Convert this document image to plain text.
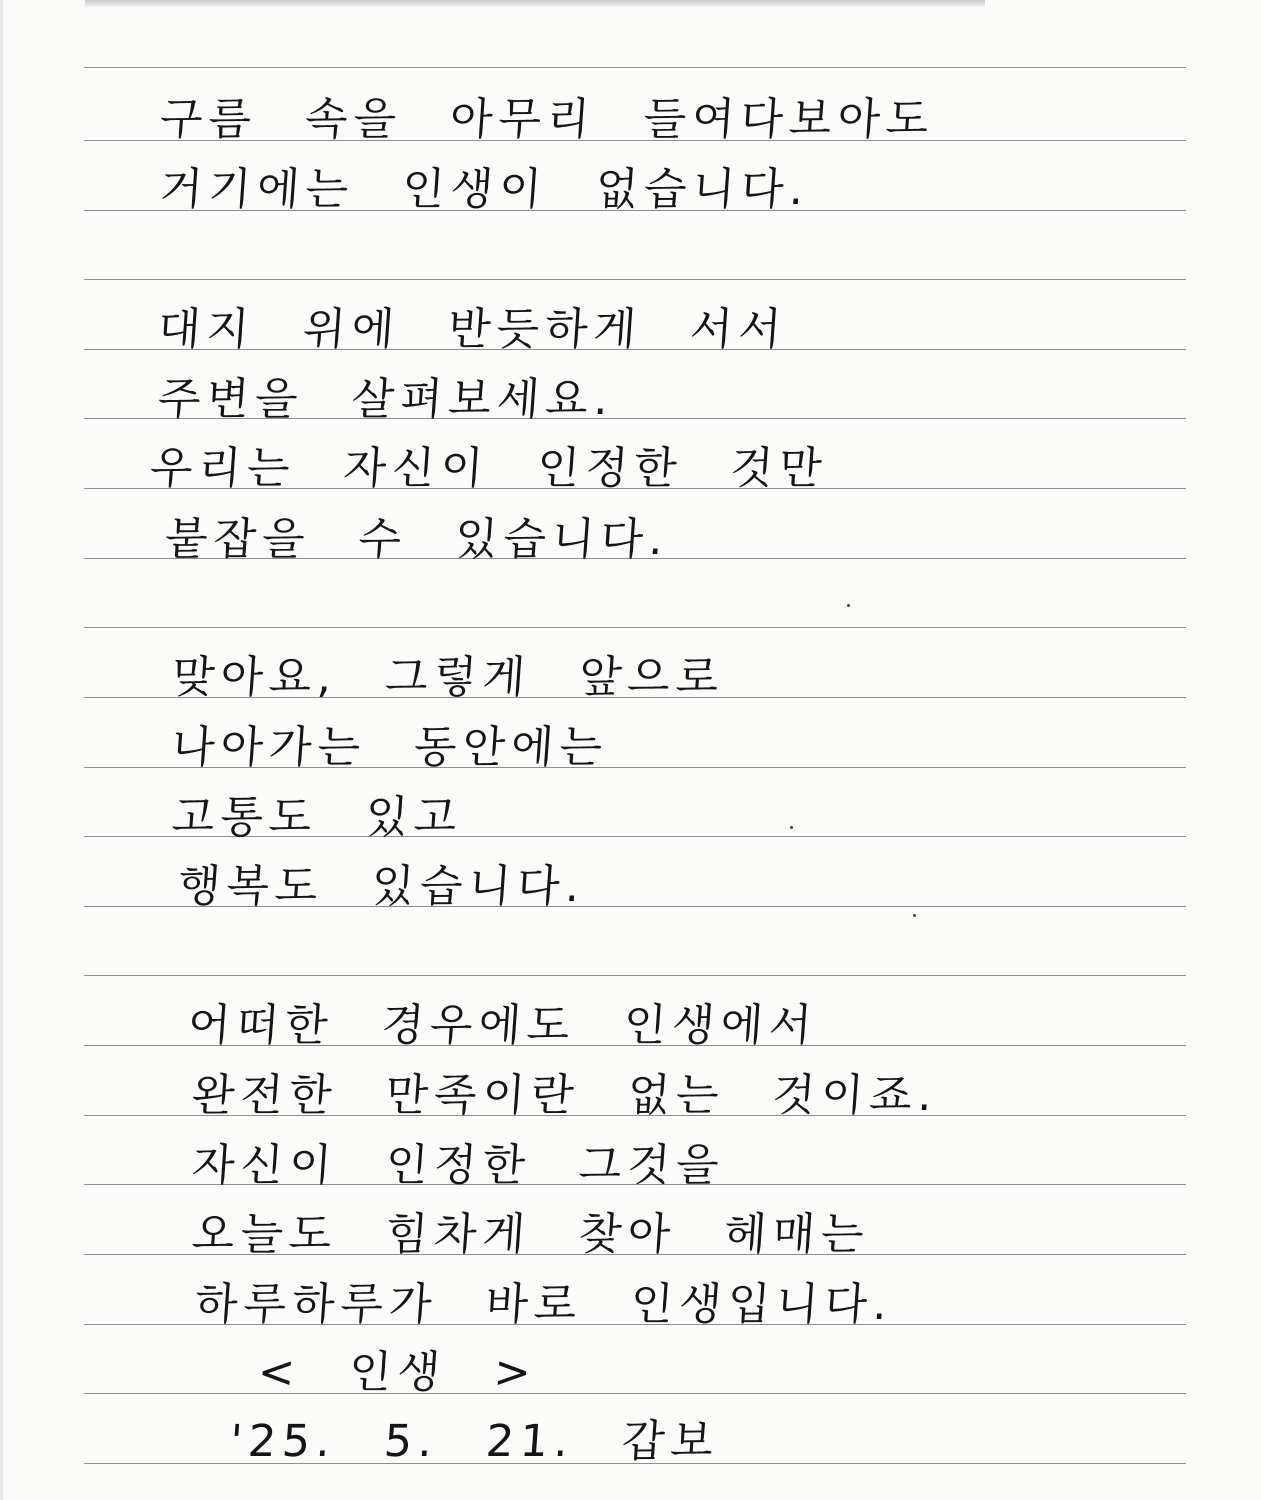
구름 속을 아무리 들여다보아도
거기에는 인생이 없습니다.
대지 위에 반듯하게 서서
주변을 살펴보세요.
우리는 자신이 인정한 것만
붙잡을 수 있습니다.
맞아요, 그렇게 앞으로
나아가는 동안에는
고통도 있고
행복도 있습니다.
어떠한 경우에도 인생에서
완전한 만족이란 없는 것이죠.
자신이 인정한 그것을
오늘도 힘차게 찾아 헤매는
하루하루가 바로 인생입니다.
< 인생 >
'25. 5. 21. 갑보
